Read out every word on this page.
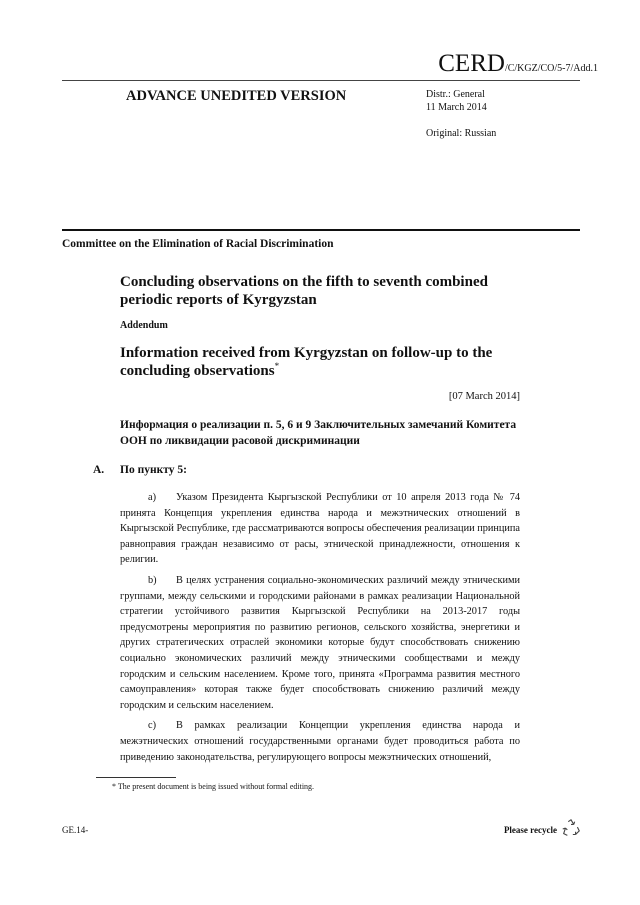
CERD/C/KGZ/CO/5-7/Add.1
ADVANCE UNEDITED VERSION	Distr.: General
11 March 2014
Original: Russian
Committee on the Elimination of Racial Discrimination
Concluding observations on the fifth to seventh combined periodic reports of Kyrgyzstan
Addendum
Information received from Kyrgyzstan on follow-up to the concluding observations*
[07 March 2014]
Информация о реализации п. 5, 6 и 9 Заключительных замечаний Комитета ООН по ликвидации расовой дискриминации
A. По пункту 5:

a) Указом Президента Кыргызской Республики от 10 апреля 2013 года № 74 принята Концепция укрепления единства народа и межэтнических отношений в Кыргызской Республике, где рассматриваются вопросы обеспечения реализации принципа равноправия граждан независимо от расы, этнической принадлежности, отношения к религии.

b) В целях устранения социально-экономических различий между этническими группами, между сельскими и городскими районами в рамках реализации Национальной стратегии устойчивого развития Кыргызской Республики на 2013-2017 годы предусмотрены мероприятия по развитию регионов, сельского хозяйства, энергетики и других стратегических отраслей экономики которые будут способствовать снижению социально экономических различий между этническими сообществами и между городским и сельским населением. Кроме того, принята «Программа развития местного самоуправления» которая также будет способствовать снижению различий между городским и сельским населением.

c) В рамках реализации Концепции укрепления единства народа и межэтнических отношений государственными органами будет проводиться работа по приведению законодательства, регулирующего вопросы межэтнических отношений,

* The present document is being issued without formal editing.
GE.14-	Please recycle
